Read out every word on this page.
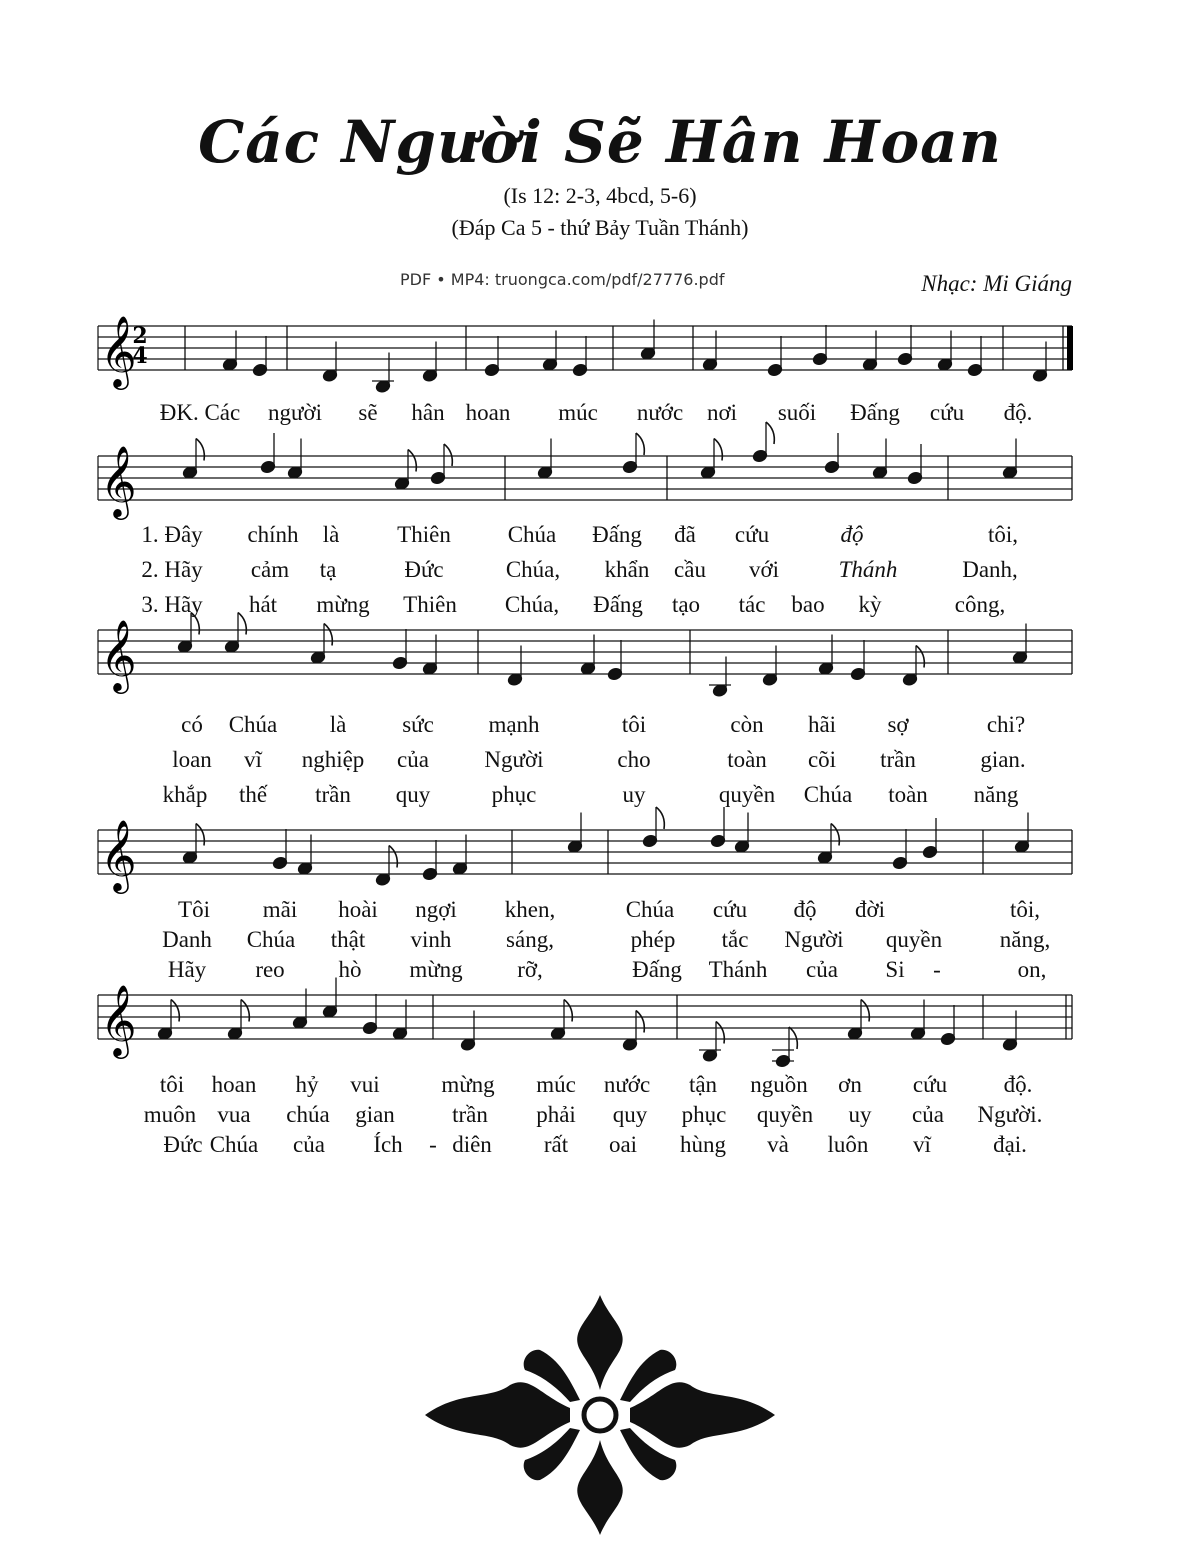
Các Người Sẽ Hân Hoan
(Is 12: 2-3, 4bcd, 5-6)
(Đáp Ca 5 - thứ Bảy Tuần Thánh)
PDF • MP4: truongca.com/pdf/27776.pdf	Nhạc: Mi Giáng
𝄞
𝄞
𝄞
𝄞
𝄞
ĐK. Các người sẽ hân hoan múc nước nơi suối Đấng cứu độ.
1. Đây chính là	Thiên Chúa Đấng đã cứu	độ	tôi,
2. Hãy cảm tạ	Đức	Chúa, khẩn cầu với	Thánh	Danh,
3. Hãy hát mừng Thiên Chúa, Đấng tạo tác bao kỳ	công,
có Chúa là sức mạnh	tôi	còn hãi sợ	chi?
loan vĩ nghiệp của Người	cho	toàn cõi trần	gian.
khắp thế trần quy	phục	uy	quyền Chúa toàn năng
Tôi mãi hoài ngợi khen,	Chúa cứu độ đời	tôi,
Danh Chúa thật vinh sáng,	phép tắc Người quyền	năng,
Hãy reo hò mừng rỡ,	Đấng Thánh của Si -	on,
tôi hoan hỷ vui	mừng múc nước tận nguồn ơn cứu độ.
muôn vua chúa gian trần phải quy phục quyền uy của Người.
Đức Chúa của Ích - diên rất oai hùng và luôn vĩ	đại.
2
4
